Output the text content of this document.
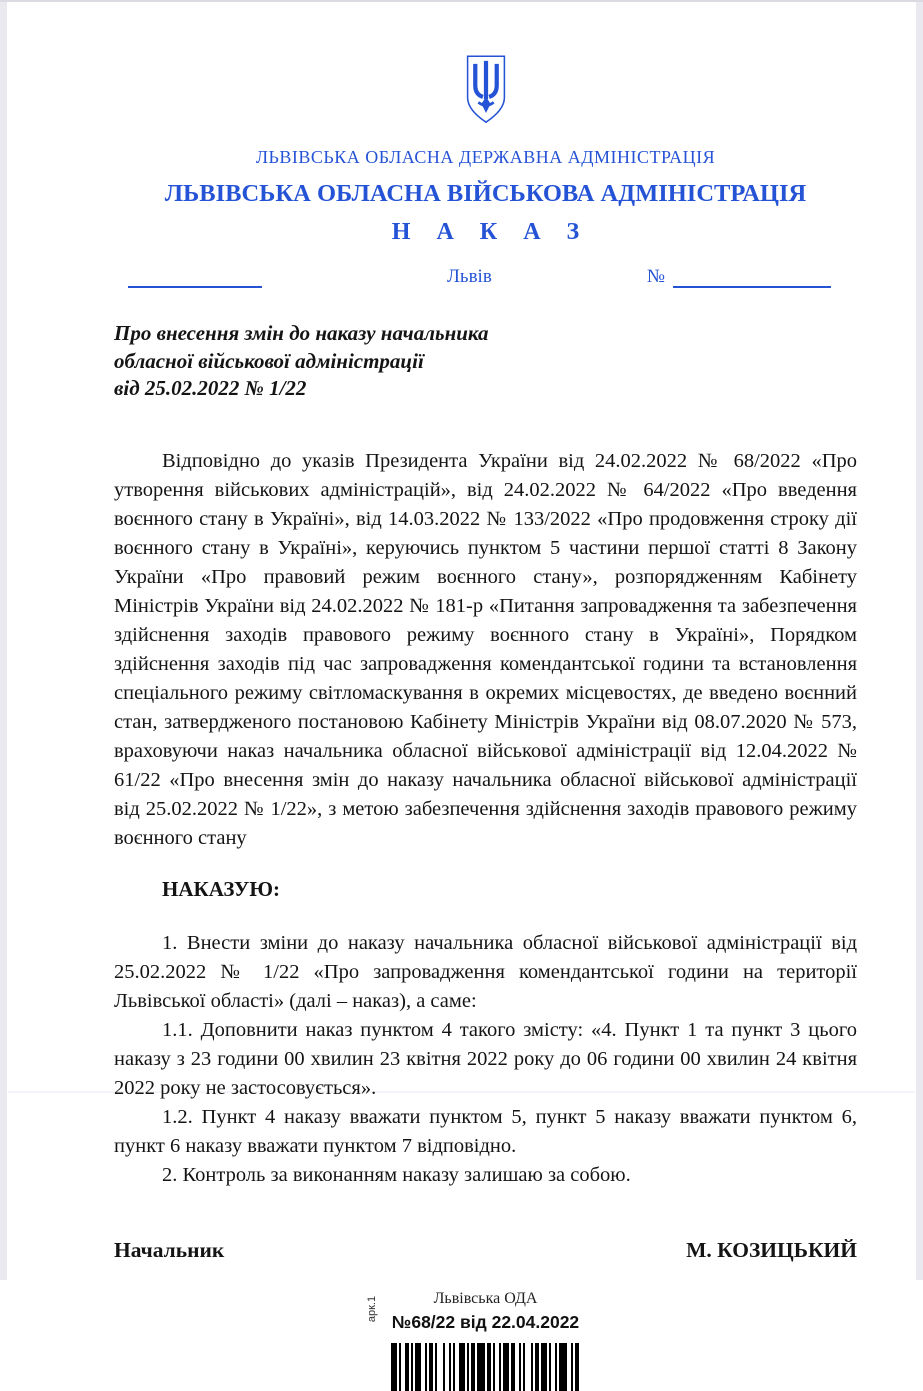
ЛЬВІВСЬКА ОБЛАСНА ДЕРЖАВНА АДМІНІСТРАЦІЯ
ЛЬВІВСЬКА ОБЛАСНА ВІЙСЬКОВА АДМІНІСТРАЦІЯ
Н А К А З
Львів	№
Про внесення змін до наказу начальника
обласної військової адміністрації
від 25.02.2022 № 1/22

Відповідно до указів Президента України від 24.02.2022 № 68/2022 «Про утворення військових адміністрацій», від 24.02.2022 № 64/2022 «Про введення воєнного стану в Україні», від 14.03.2022 № 133/2022 «Про продовження строку дії воєнного стану в Україні», керуючись пунктом 5 частини першої статті 8 Закону України «Про правовий режим воєнного стану», розпорядженням Кабінету Міністрів України від 24.02.2022 № 181-р «Питання запровадження та забезпечення здійснення заходів правового режиму воєнного стану в Україні», Порядком здійснення заходів під час запровадження комендантської години та встановлення спеціального режиму світломаскування в окремих місцевостях, де введено воєнний стан, затвердженого постановою Кабінету Міністрів України від 08.07.2020 № 573, враховуючи наказ начальника обласної військової адміністрації від 12.04.2022 № 61/22 «Про внесення змін до наказу начальника обласної військової адміністрації від 25.02.2022 № 1/22», з метою забезпечення здійснення заходів правового режиму воєнного стану

НАКАЗУЮ:

1. Внести зміни до наказу начальника обласної військової адміністрації від 25.02.2022 № 1/22 «Про запровадження комендантської години на території Львівської області» (далі – наказ), а саме:

1.1. Доповнити наказ пунктом 4 такого змісту: «4. Пункт 1 та пункт 3 цього наказу з 23 години 00 хвилин 23 квітня 2022 року до 06 години 00 хвилин 24 квітня 2022 року не застосовується».

1.2. Пункт 4 наказу вважати пунктом 5, пункт 5 наказу вважати пунктом 6, пункт 6 наказу вважати пунктом 7 відповідно.

2. Контроль за виконанням наказу залишаю за собою.

Начальник	М. КОЗИЦЬКИЙ
арк.1	Львівська ОДА
№68/22 від 22.04.2022
